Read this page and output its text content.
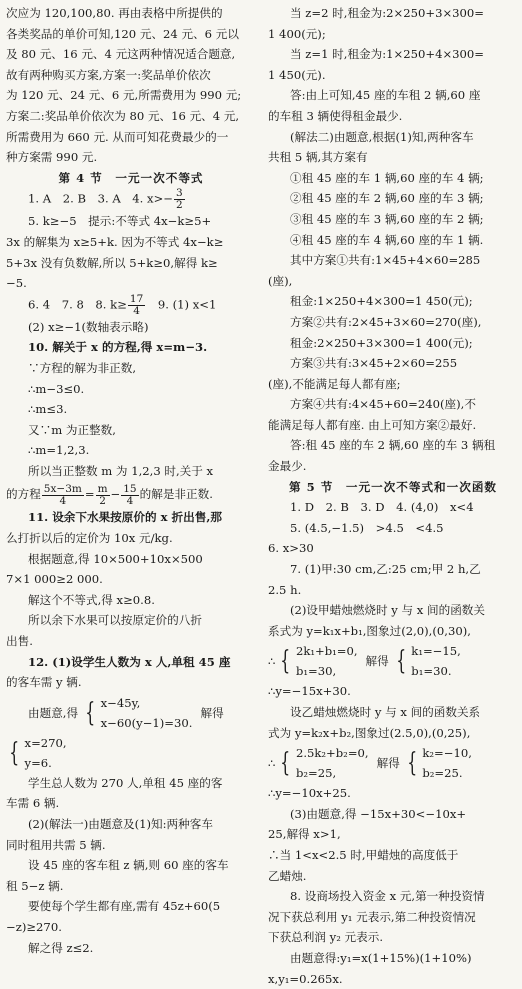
次应为 120,100,80. 再由表格中所提供的
各类奖品的单价可知,120 元、24 元、6 元以
及 80 元、16 元、4 元这两种情况适合题意,
故有两种购买方案,方案一:奖品单价依次
为 120 元、24 元、6 元,所需费用为 990 元;
方案二:奖品单价依次为 80 元、16 元、4 元,
所需费用为 660 元. 从而可知花费最少的一
种方案需 990 元.
第 4 节　一元一次不等式
1. A　2. B　3. A　4. $x>- \frac{3}{2}$
5. k≥−5　提示:不等式 4x−k≥5+
3x 的解集为 x≥5+k. 因为不等式 4x−k≥
5+3x 没有负数解,所以 5+k≥0,解得 k≥
−5.
6. 4　7. 8　8. $k\ge \frac{17}{4}$ 　9. (1) x<1
(2) x≥−1(数轴表示略)
10. 解关于 x 的方程,得 x=m−3.
∵方程的解为非正数,
∴m−3≤0.
∴m≤3.
又∵m 为正整数,
∴m=1,2,3.
所以当正整数 m 为 1,2,3 时,关于 x
的方程 $\frac{5x-3m}{4} = \frac{m}{2} - \frac{15}{4}$ 的解是非正数.
11. 设余下水果按原价的 x 折出售,那
么打折以后的定价为 10x 元/kg.
根据题意,得 10×500+10x×500
7×1 000≥2 000.
解这个不等式,得 x≥0.8.
所以余下水果可以按原定价的八折
出售.
12. (1)设学生人数为 x 人,单租 45 座
的客车需 y 辆.
由题意,得 { x−45y,
x−60(y−1)=30.
解得
{ x=270,
y=6.
学生总人数为 270 人,单租 45 座的客
车需 6 辆.
(2)(解法一)由题意及(1)知:两种客车
同时租用共需 5 辆.
设 45 座的客车租 z 辆,则 60 座的客车
租 5−z 辆.
要使每个学生都有座,需有 45z+60(5
−z)≥270.
解之得 z≤2.
当 z=2 时,租金为:2×250+3×300=
1 400(元);
当 z=1 时,租金为:1×250+4×300=
1 450(元).
答:由上可知,45 座的车租 2 辆,60 座
的车租 3 辆使得租金最少.
(解法二)由题意,根据(1)知,两种客车
共租 5 辆,其方案有
①租 45 座的车 1 辆,60 座的车 4 辆;
②租 45 座的车 2 辆,60 座的车 3 辆;
③租 45 座的车 3 辆,60 座的车 2 辆;
④租 45 座的车 4 辆,60 座的车 1 辆.
其中方案①共有:1×45+4×60=285
(座),
租金:1×250+4×300=1 450(元);
方案②共有:2×45+3×60=270(座),
租金:2×250+3×300=1 400(元);
方案③共有:3×45+2×60=255
(座),不能满足每人都有座;
方案④共有:4×45+60=240(座),不
能满足每人都有座. 由上可知方案②最好.
答:租 45 座的车 2 辆,60 座的车 3 辆租
金最少.
第 5 节　一元一次不等式和一次函数
1. D　2. B　3. D　4. (4,0)　x<4
5. (4.5,−1.5)　>4.5　<4.5
6. x>30
7. (1)甲:30 cm,乙:25 cm;甲 2 h,乙
2.5 h.
(2)设甲蜡烛燃烧时 y 与 x 间的函数关
系式为 y=k₁x+b₁,图象过(2,0),(0,30),
∴ { 2k₁+b₁=0,
b₁=30,
解得 { k₁=−15,
b₁=30.
∴y=−15x+30.
设乙蜡烛燃烧时 y 与 x 间的函数关系
式为 y=k₂x+b₂,图象过(2.5,0),(0,25),
∴ { 2.5k₂+b₂=0,
b₂=25,
解得 { k₂=−10,
b₂=25.
∴y=−10x+25.
(3)由题意,得 −15x+30<−10x+
25,解得 x>1,
∴当 1<x<2.5 时,甲蜡烛的高度低于
乙蜡烛.
8. 设商场投入资金 x 元,第一种投资情
况下获总利用 y₁ 元表示,第二种投资情况
下获总利润 y₂ 元表示.
由题意得:y₁=x(1+15%)(1+10%)
x,y₁=0.265x.
